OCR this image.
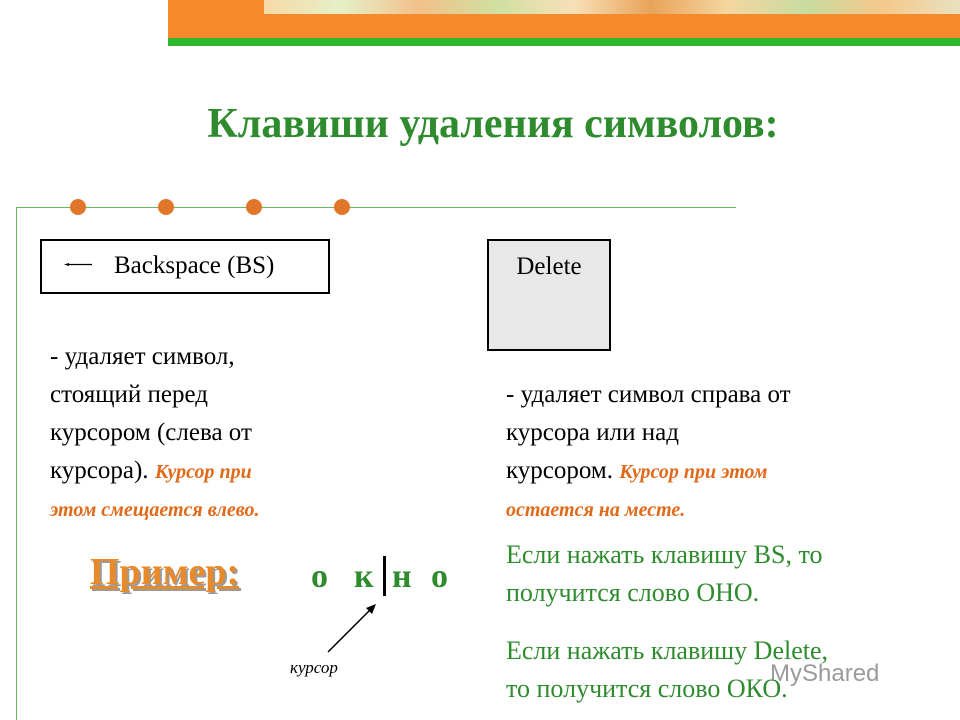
Клавиши удаления символов:
Backspace (BS)	Delete
- удаляет символ,
стоящий перед
курсором (слева от
курсора). Курсор при
этом смещается влево.
- удаляет символ справа от
курсора или над
курсором. Курсор при этом
остается на месте.
Пример: о к н о
курсор
Если нажать клавишу BS, то
получится слово ОНО.
Если нажать клавишу Delete,
то получится слово ОКО.
MyShared
